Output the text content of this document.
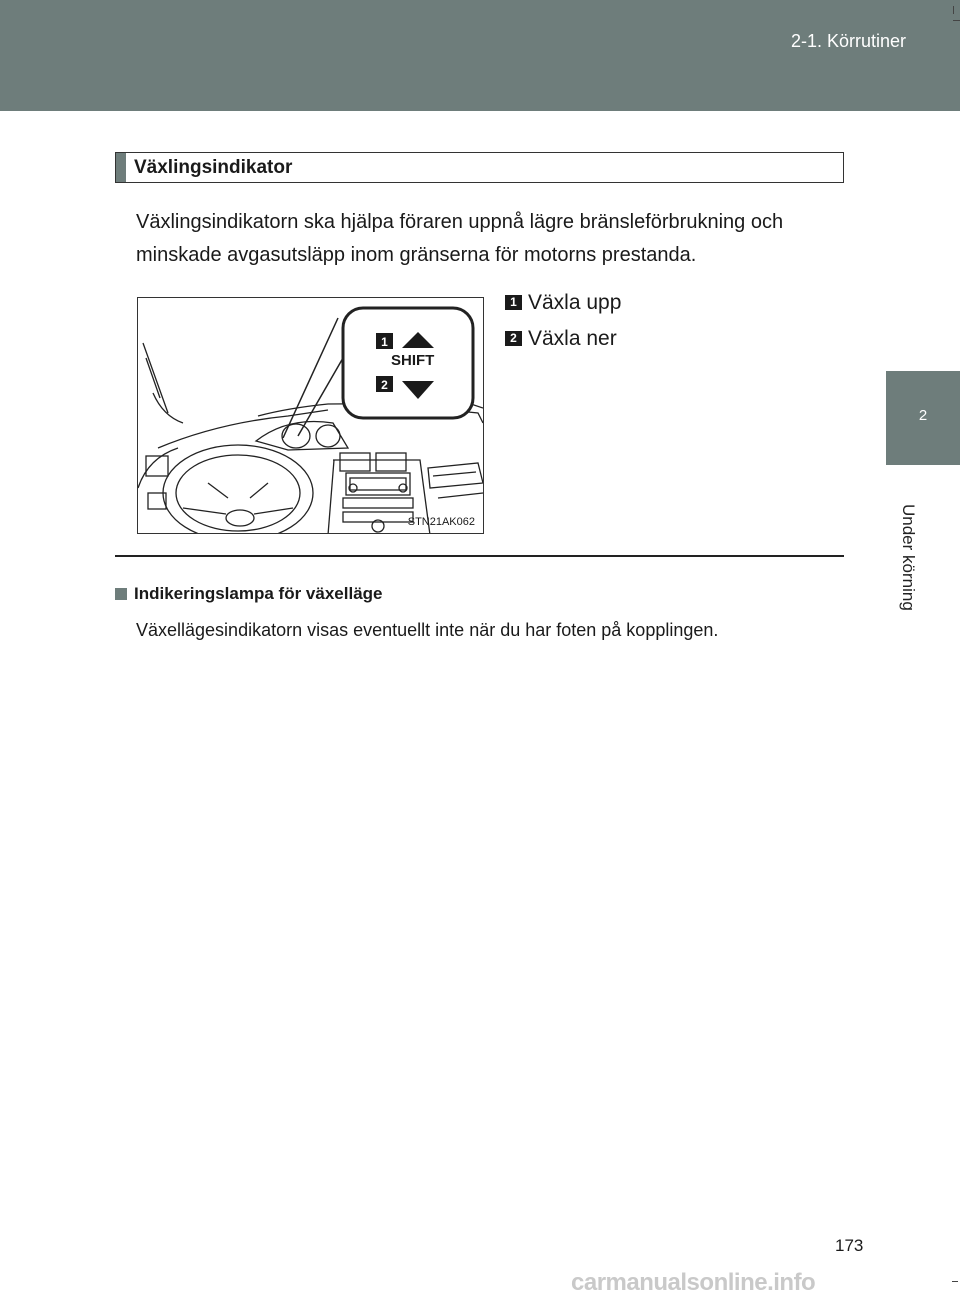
2-1. Körrutiner
2
Under körning
Växlingsindikator
Växlingsindikatorn ska hjälpa föraren uppnå lägre bränsleförbrukning och minskade avgasutsläpp inom gränserna för motorns prestanda.
1
2
STN21AK062
SHIFT
1 Växla upp
2 Växla ner
Indikeringslampa för växelläge
Växellägesindikatorn visas eventuellt inte när du har foten på kopplingen.
173
carmanualsonline.info
